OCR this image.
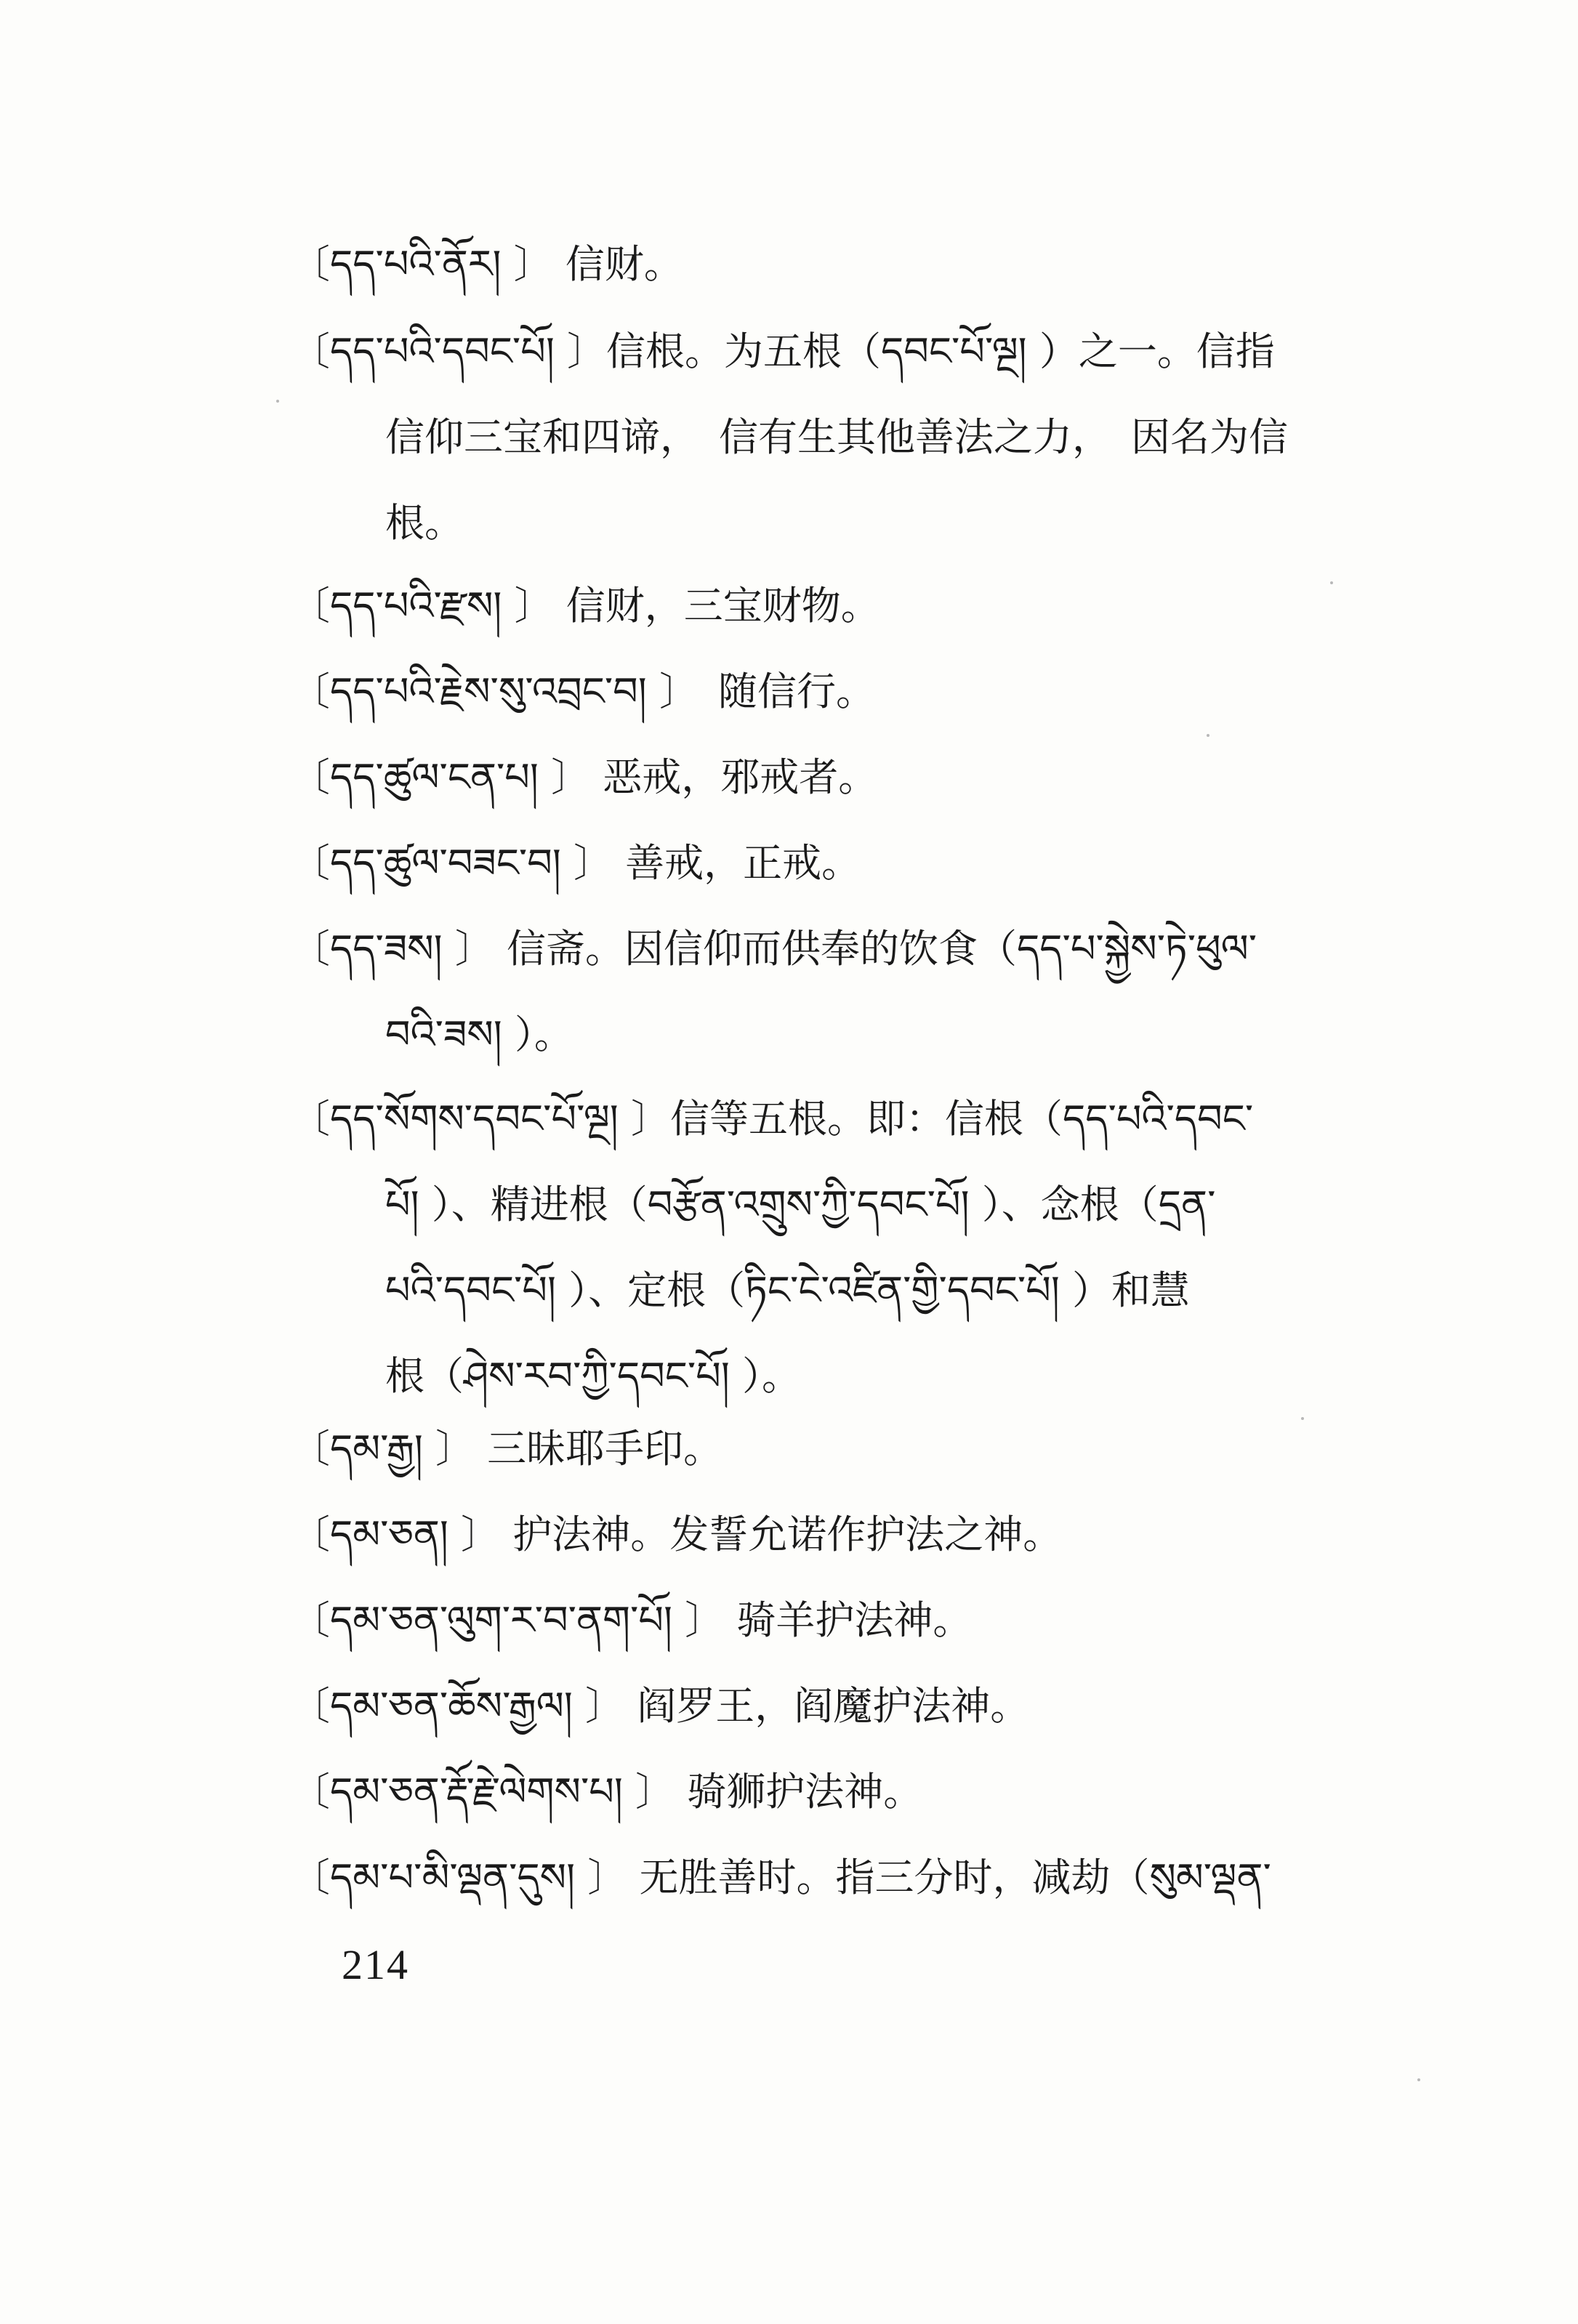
〔དད་པའི་ནོར། 〕 信财。
〔དད་པའི་དབང་པོ། 〕信根。为五根（དབང་པོ་ལྔ། ）之一。信指
信仰三宝和四谛，　信有生其他善法之力，　因名为信
根。
〔དད་པའི་རྫས། 〕 信财，三宝财物。
〔དད་པའི་རྗེས་སུ་འབྲང་བ། 〕　随信行。
〔དད་ཚུལ་ངན་པ། 〕 恶戒，邪戒者。
〔དད་ཚུལ་བཟང་བ། 〕 善戒，正戒。
〔དད་ཟས། 〕 信斋。因信仰而供奉的饮食（དད་པ་སྐྱེས་ཏེ་ཕུལ་
བའི་ཟས། ）。
〔དད་སོགས་དབང་པོ་ལྔ། 〕信等五根。即：信根（དད་པའི་དབང་
པོ། ）、精进根（བརྩོན་འགྲུས་ཀྱི་དབང་པོ། ）、念根（དྲན་
པའི་དབང་པོ། ）、定根（ཏིང་ངེ་འཛིན་གྱི་དབང་པོ། ）和慧
根（ཤེས་རབ་ཀྱི་དབང་པོ། ）。
〔དམ་རྒྱ། 〕 三昧耶手印。
〔དམ་ཅན། 〕 护法神。发誓允诺作护法之神。
〔དམ་ཅན་ལུག་ར་བ་ནག་པོ། 〕 骑羊护法神。
〔དམ་ཅན་ཆོས་རྒྱལ། 〕 阎罗王，阎魔护法神。
〔དམ་ཅན་རྡོ་རྗེ་ལེགས་པ། 〕 骑狮护法神。
〔དམ་པ་མི་ལྡན་དུས། 〕 无胜善时。指三分时，减劫（སུམ་ལྡན་
214
